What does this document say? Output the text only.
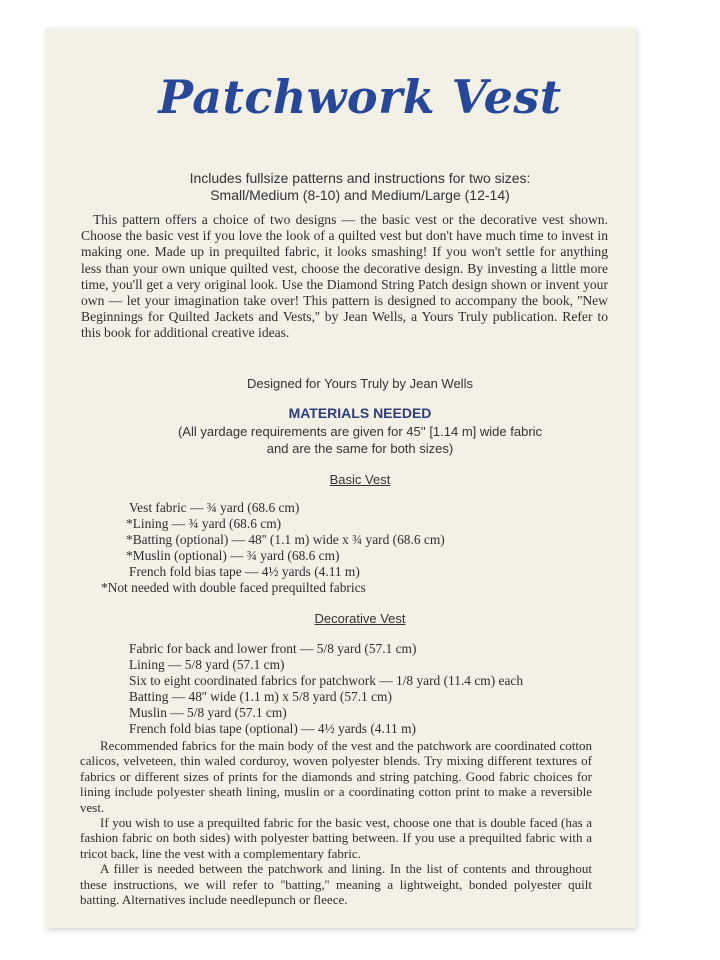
Patchwork Vest
Includes fullsize patterns and instructions for two sizes:
Small/Medium (8-10) and Medium/Large (12-14)

This pattern offers a choice of two designs — the basic vest or the decorative vest shown. Choose the basic vest if you love the look of a quilted vest but don't have much time to invest in making one. Made up in prequilted fabric, it looks smashing! If you won't settle for anything less than your own unique quilted vest, choose the decorative design. By investing a little more time, you'll get a very original look. Use the Diamond String Patch design shown or invent your own — let your imagination take over! This pattern is designed to accompany the book, ''New Beginnings for Quilted Jackets and Vests,'' by Jean Wells, a Yours Truly publication. Refer to this book for additional creative ideas.

Designed for Yours Truly by Jean Wells
MATERIALS NEEDED
(All yardage requirements are given for 45'' [1.14 m] wide fabric
and are the same for both sizes)
Basic Vest
Vest fabric — ¾ yard (68.6 cm)
*Lining — ¾ yard (68.6 cm)
*Batting (optional) — 48'' (1.1 m) wide x ¾ yard (68.6 cm)
*Muslin (optional) — ¾ yard (68.6 cm)
French fold bias tape — 4½ yards (4.11 m)
*Not needed with double faced prequilted fabrics
Decorative Vest
Fabric for back and lower front — 5/8 yard (57.1 cm)
Lining — 5/8 yard (57.1 cm)
Six to eight coordinated fabrics for patchwork — 1/8 yard (11.4 cm) each
Batting — 48'' wide (1.1 m) x 5/8 yard (57.1 cm)
Muslin — 5/8 yard (57.1 cm)
French fold bias tape (optional) — 4½ yards (4.11 m)

Recommended fabrics for the main body of the vest and the patchwork are coordinated cotton calicos, velveteen, thin waled corduroy, woven polyester blends. Try mixing different textures of fabrics or different sizes of prints for the diamonds and string patching. Good fabric choices for lining include polyester sheath lining, muslin or a coordinating cotton print to make a reversible vest.

If you wish to use a prequilted fabric for the basic vest, choose one that is double faced (has a fashion fabric on both sides) with polyester batting between. If you use a prequilted fabric with a tricot back, line the vest with a complementary fabric.

A filler is needed between the patchwork and lining. In the list of contents and throughout these instructions, we will refer to ''batting,'' meaning a lightweight, bonded polyester quilt batting. Alternatives include needlepunch or fleece.
